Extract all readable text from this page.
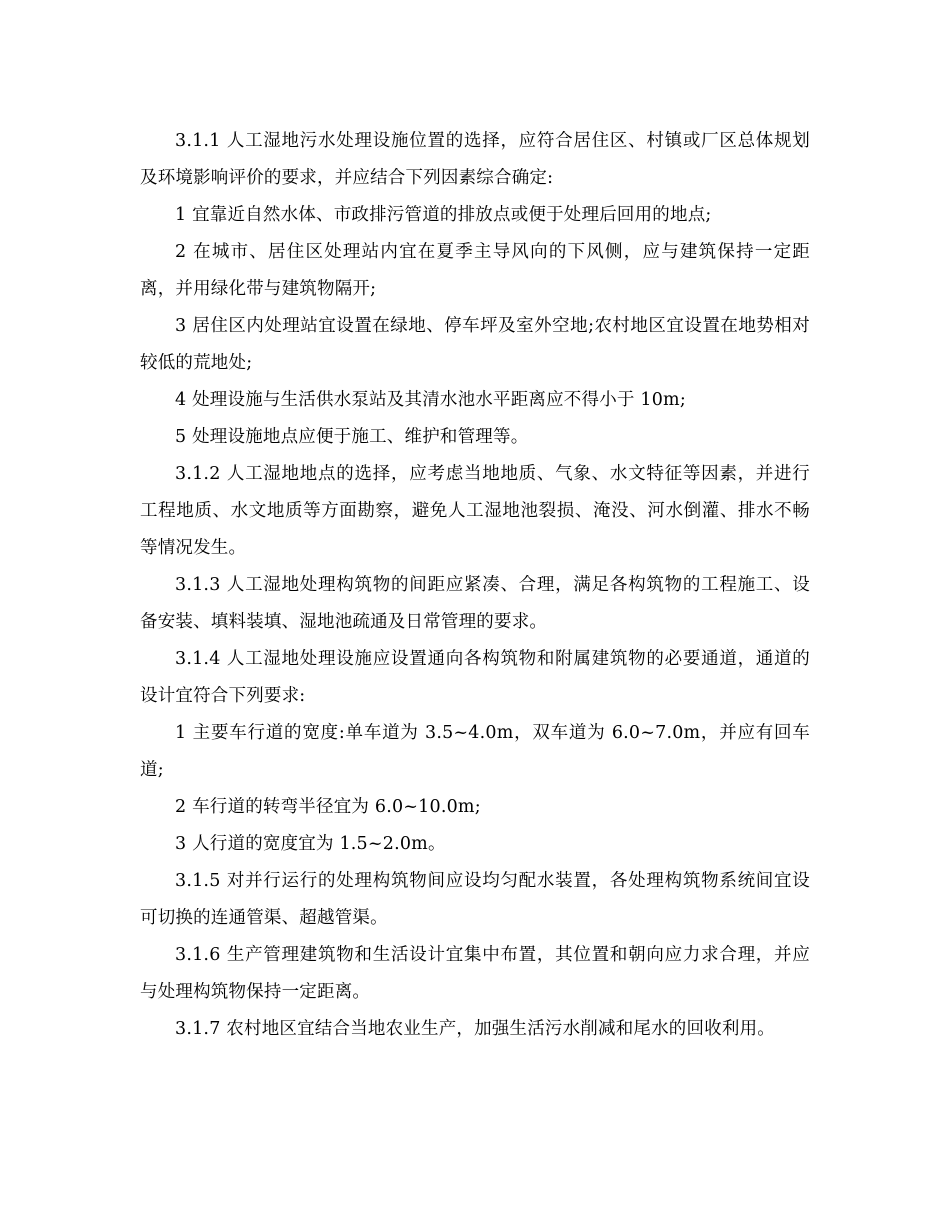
3.1.1 人工湿地污水处理设施位置的选择，应符合居住区、村镇或厂区总体规划及环境影响评价的要求，并应结合下列因素综合确定:

1 宜靠近自然水体、市政排污管道的排放点或便于处理后回用的地点;

2 在城市、居住区处理站内宜在夏季主导风向的下风侧，应与建筑保持一定距离，并用绿化带与建筑物隔开;

3 居住区内处理站宜设置在绿地、停车坪及室外空地;农村地区宜设置在地势相对较低的荒地处;

4 处理设施与生活供水泵站及其清水池水平距离应不得小于 10m;

5 处理设施地点应便于施工、维护和管理等。

3.1.2 人工湿地地点的选择，应考虑当地地质、气象、水文特征等因素，并进行工程地质、水文地质等方面勘察，避免人工湿地池裂损、淹没、河水倒灌、排水不畅等情况发生。

3.1.3 人工湿地处理构筑物的间距应紧凑、合理，满足各构筑物的工程施工、设备安装、填料装填、湿地池疏通及日常管理的要求。

3.1.4 人工湿地处理设施应设置通向各构筑物和附属建筑物的必要通道，通道的设计宜符合下列要求:

1 主要车行道的宽度:单车道为 3.5~4.0m，双车道为 6.0~7.0m，并应有回车道;

2 车行道的转弯半径宜为 6.0~10.0m;

3 人行道的宽度宜为 1.5~2.0m。

3.1.5 对并行运行的处理构筑物间应设均匀配水装置，各处理构筑物系统间宜设可切换的连通管渠、超越管渠。

3.1.6 生产管理建筑物和生活设计宜集中布置，其位置和朝向应力求合理，并应与处理构筑物保持一定距离。

3.1.7 农村地区宜结合当地农业生产，加强生活污水削减和尾水的回收利用。
